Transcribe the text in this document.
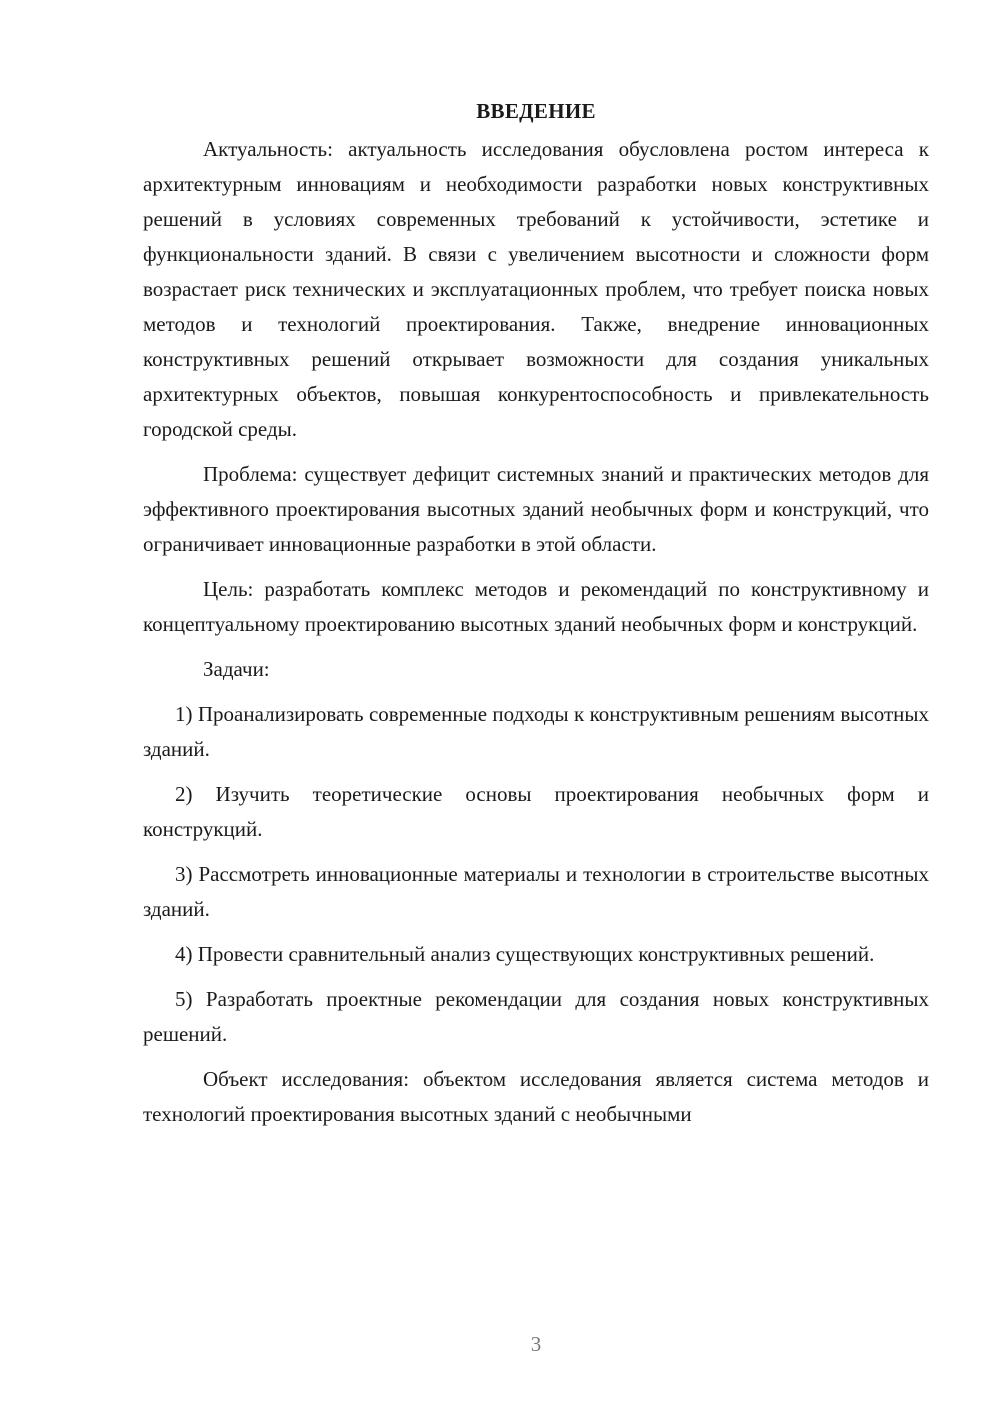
ВВЕДЕНИЕ

Актуальность: актуальность исследования обусловлена ростом интереса к архитектурным инновациям и необходимости разработки новых конструктивных решений в условиях современных требований к устойчивости, эстетике и функциональности зданий. В связи с увеличением высотности и сложности форм возрастает риск технических и эксплуатационных проблем, что требует поиска новых методов и технологий проектирования. Также, внедрение инновационных конструктивных решений открывает возможности для создания уникальных архитектурных объектов, повышая конкурентоспособность и привлекательность городской среды.

Проблема: существует дефицит системных знаний и практических методов для эффективного проектирования высотных зданий необычных форм и конструкций, что ограничивает инновационные разработки в этой области.

Цель: разработать комплекс методов и рекомендаций по конструктивному и концептуальному проектированию высотных зданий необычных форм и конструкций.

Задачи:

1) Проанализировать современные подходы к конструктивным решениям высотных зданий.

2) Изучить теоретические основы проектирования необычных форм и конструкций.

3) Рассмотреть инновационные материалы и технологии в строительстве высотных зданий.

4) Провести сравнительный анализ существующих конструктивных решений.

5) Разработать проектные рекомендации для создания новых конструктивных решений.

Объект исследования: объектом исследования является система методов и технологий проектирования высотных зданий с необычными

3
